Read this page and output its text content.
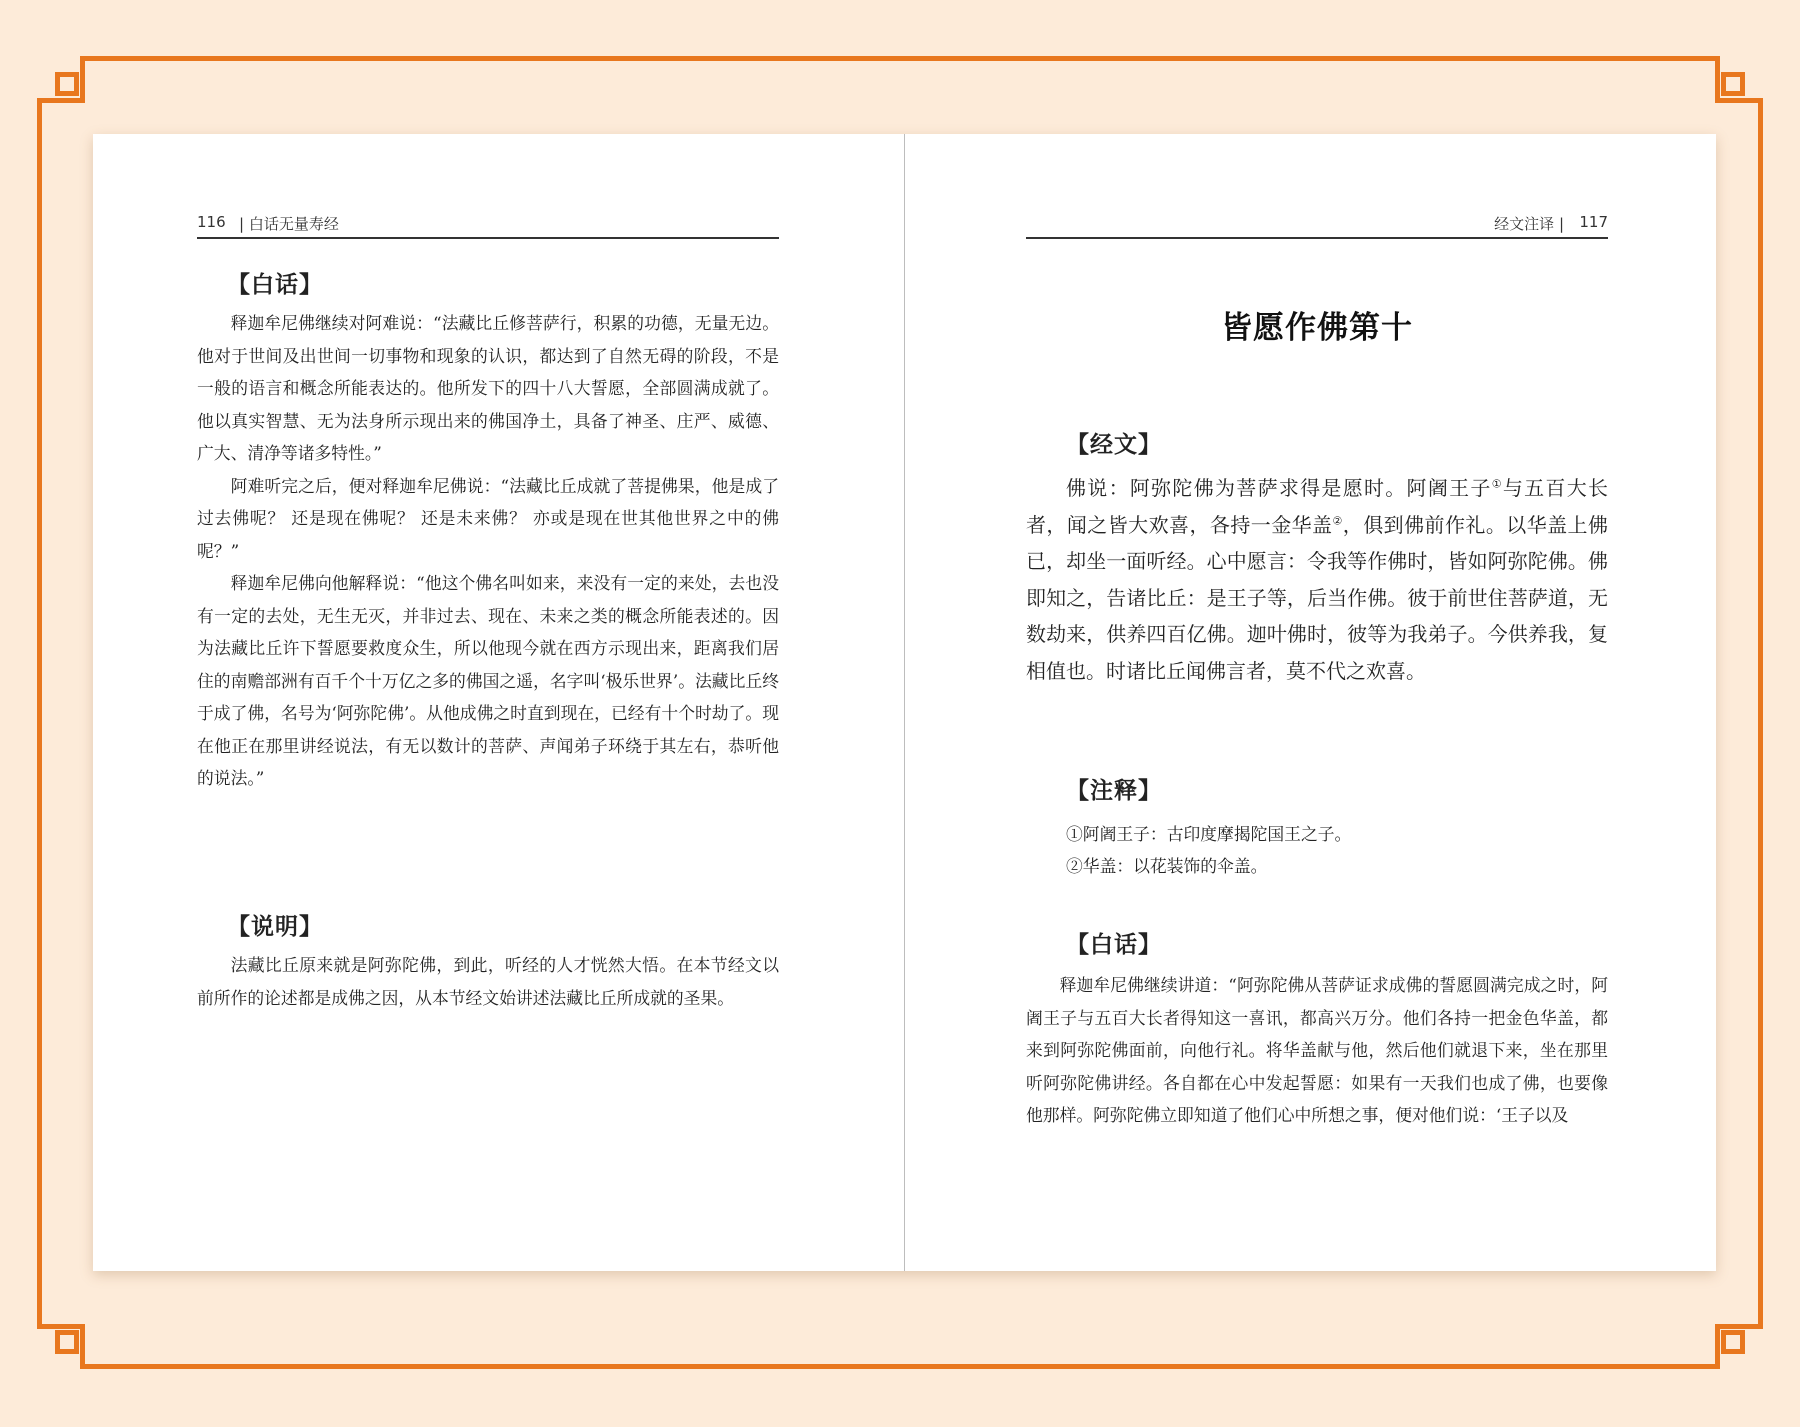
116 | 白话无量寿经
【白话】

释迦牟尼佛继续对阿难说：“法藏比丘修菩萨行，积累的功德，无量无边。他对于世间及出世间一切事物和现象的认识，都达到了自然无碍的阶段，不是一般的语言和概念所能表达的。他所发下的四十八大誓愿，全部圆满成就了。他以真实智慧、无为法身所示现出来的佛国净土，具备了神圣、庄严、威德、广大、清净等诸多特性。”

阿难听完之后，便对释迦牟尼佛说：“法藏比丘成就了菩提佛果，他是成了过去佛呢？ 还是现在佛呢？ 还是未来佛？ 亦或是现在世其他世界之中的佛呢？”

释迦牟尼佛向他解释说：“他这个佛名叫如来，来没有一定的来处，去也没有一定的去处，无生无灭，并非过去、现在、未来之类的概念所能表述的。因为法藏比丘许下誓愿要救度众生，所以他现今就在西方示现出来，距离我们居住的南赡部洲有百千个十万亿之多的佛国之遥，名字叫‘极乐世界’。法藏比丘终于成了佛，名号为‘阿弥陀佛’。从他成佛之时直到现在，已经有十个时劫了。现在他正在那里讲经说法，有无以数计的菩萨、声闻弟子环绕于其左右，恭听他的说法。”

【说明】

法藏比丘原来就是阿弥陀佛，到此，听经的人才恍然大悟。在本节经文以前所作的论述都是成佛之因，从本节经文始讲述法藏比丘所成就的圣果。

经文注译 | 117
皆愿作佛第十
【经文】

佛说：阿弥陀佛为菩萨求得是愿时。阿阇王子①与五百大长者，闻之皆大欢喜，各持一金华盖②，俱到佛前作礼。以华盖上佛已，却坐一面听经。心中愿言：令我等作佛时，皆如阿弥陀佛。佛即知之，告诸比丘：是王子等，后当作佛。彼于前世住菩萨道，无数劫来，供养四百亿佛。迦叶佛时，彼等为我弟子。今供养我，复相值也。时诸比丘闻佛言者，莫不代之欢喜。

【注释】
①阿阇王子：古印度摩揭陀国王之子。
②华盖：以花装饰的伞盖。
【白话】

释迦牟尼佛继续讲道：“阿弥陀佛从菩萨证求成佛的誓愿圆满完成之时，阿阇王子与五百大长者得知这一喜讯，都高兴万分。他们各持一把金色华盖，都来到阿弥陀佛面前，向他行礼。将华盖献与他，然后他们就退下来，坐在那里听阿弥陀佛讲经。各自都在心中发起誓愿：如果有一天我们也成了佛，也要像他那样。阿弥陀佛立即知道了他们心中所想之事，便对他们说：‘王子以及
